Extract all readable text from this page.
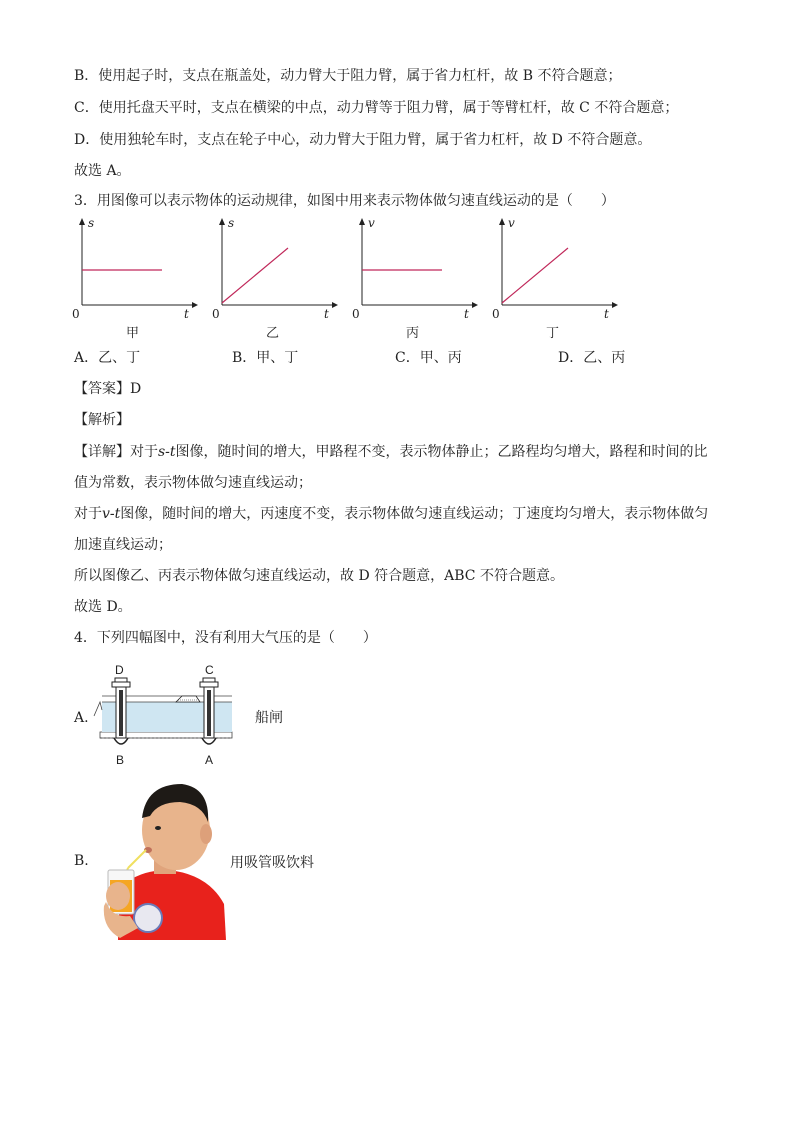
B．使用起子时，支点在瓶盖处，动力臂大于阻力臂，属于省力杠杆，故 B 不符合题意；
C．使用托盘天平时，支点在横梁的中点，动力臂等于阻力臂，属于等臂杠杆，故 C 不符合题意；
D．使用独轮车时，支点在轮子中心，动力臂大于阻力臂，属于省力杠杆，故 D 不符合题意。
故选 A。
3．用图像可以表示物体的运动规律，如图中用来表示物体做匀速直线运动的是（　　）
s
t
0
甲
s
t
0
乙
v
t
0
丙
v
t
0
丁
A．乙、丁	B．甲、丁	C．甲、丙	D．乙、丙
【答案】D
【解析】
【详解】对于s-t图像，随时间的增大，甲路程不变，表示物体静止；乙路程均匀增大，路程和时间的比
值为常数，表示物体做匀速直线运动；
对于v-t图像，随时间的增大，丙速度不变，表示物体做匀速直线运动；丁速度均匀增大，表示物体做匀
加速直线运动；
所以图像乙、丙表示物体做匀速直线运动，故 D 符合题意，ABC 不符合题意。
故选 D。
4．下列四幅图中，没有利用大气压的是（　　）
A.
D	C
B	A
船闸
B.	用吸管吸饮料
